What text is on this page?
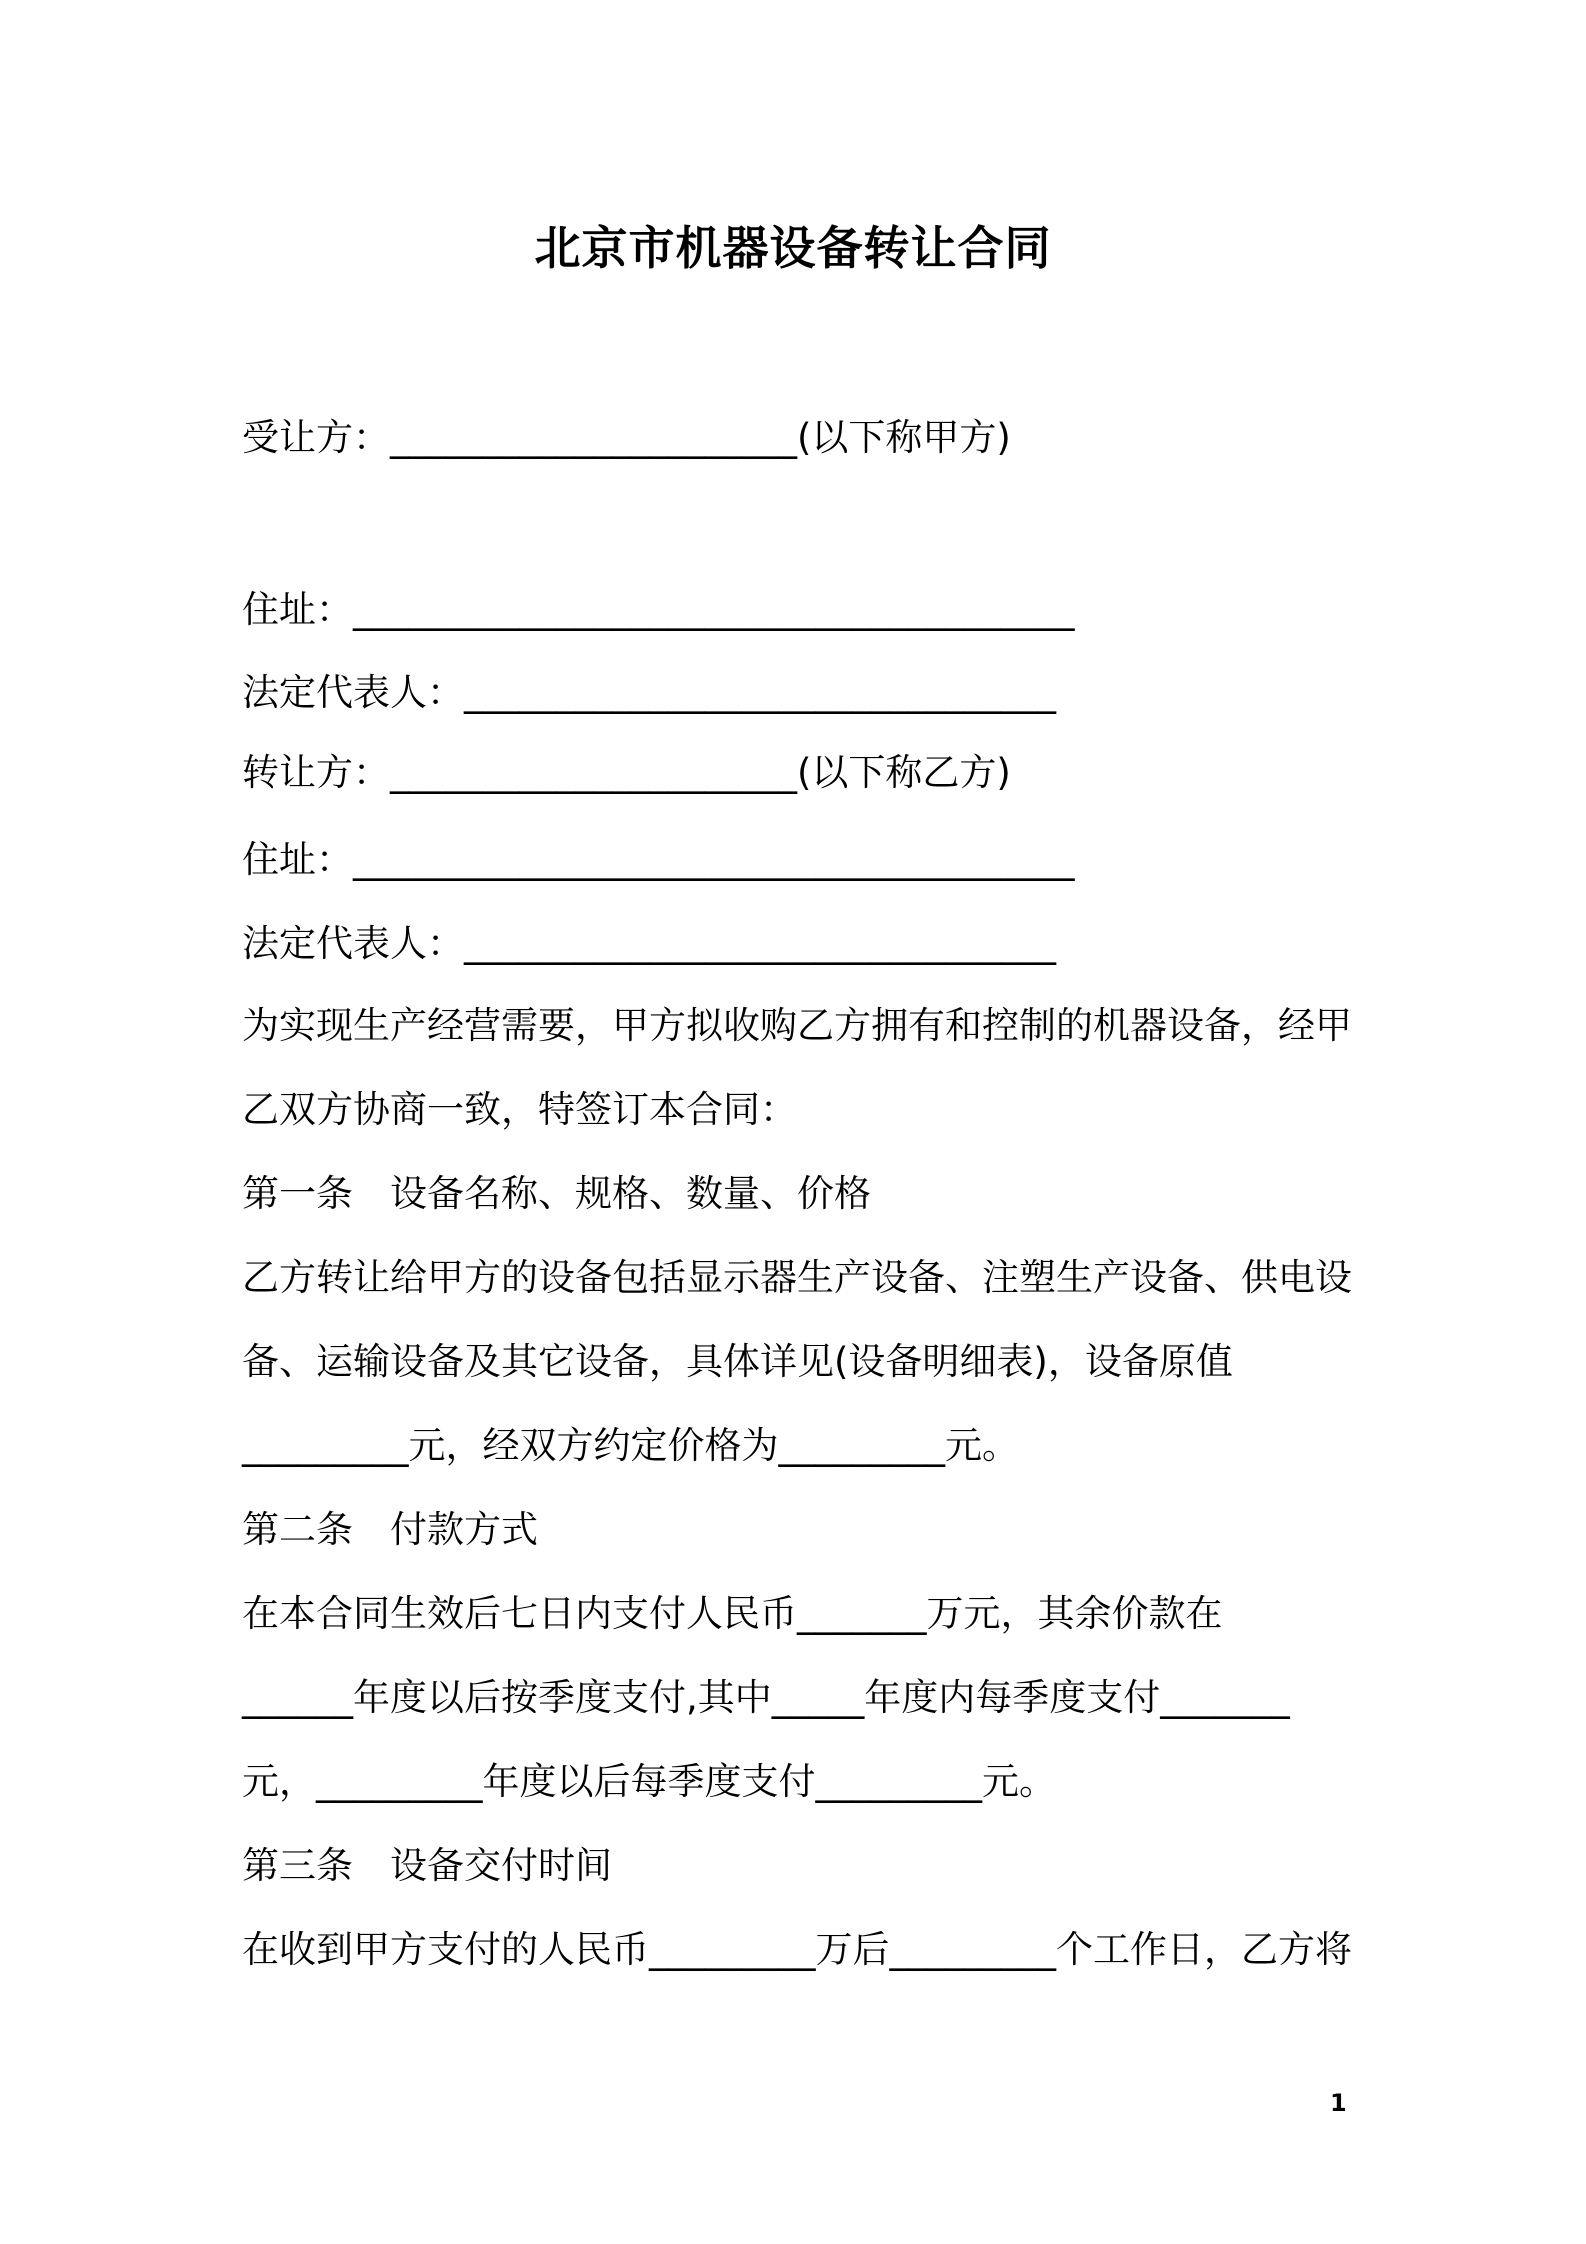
北京市机器设备转让合同
受让方：______________________(以下称甲方)
住址：_______________________________________
法定代表人：________________________________
转让方：______________________(以下称乙方)
住址：_______________________________________
法定代表人：________________________________
为实现生产经营需要，甲方拟收购乙方拥有和控制的机器设备，经甲
乙双方协商一致，特签订本合同：
第一条　设备名称、规格、数量、价格
乙方转让给甲方的设备包括显示器生产设备、注塑生产设备、供电设
备、运输设备及其它设备，具体详见(设备明细表)，设备原值
_________元，经双方约定价格为_________元。
第二条　付款方式
在本合同生效后七日内支付人民币_______万元，其余价款在
______年度以后按季度支付,其中_____年度内每季度支付_______
元，_________年度以后每季度支付_________元。
第三条　设备交付时间
在收到甲方支付的人民币_________万后_________个工作日，乙方将
1
